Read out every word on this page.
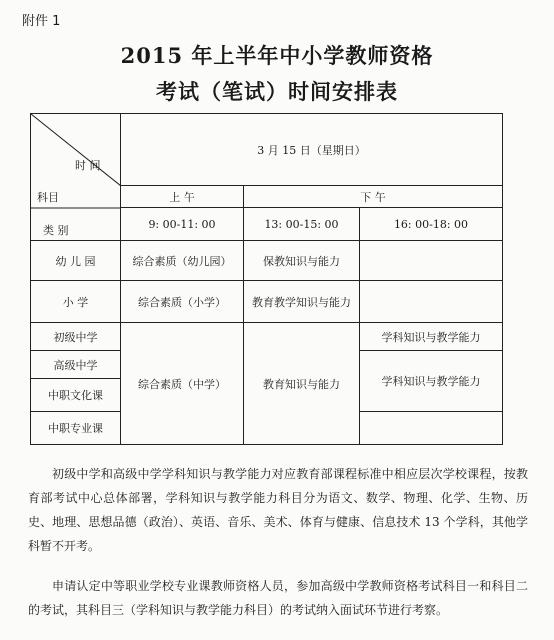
附件 1
2015 年上半年中小学教师资格
考试（笔试）时间安排表
时 间
科目
类 别	3 月 15 日（星期日）		
	上 午	下 午	
	9: 00-11: 00	13: 00-15: 00	16: 00-18: 00
幼 儿 园	综合素质（幼儿园）	保教知识与能力	
小 学	综合素质（小学）	教育教学知识与能力	
初级中学	综合素质（中学）	教育知识与能力	学科知识与教学能力
高级中学			学科知识与教学能力
中职文化课			
中职专业课			
初级中学和高级中学学科知识与教学能力对应教育部课程标准中相应层次学校课程，按教育部考试中心总体部署，学科知识与教学能力科目分为语文、数学、物理、化学、生物、历史、地理、思想品德（政治）、英语、音乐、美术、体育与健康、信息技术 13 个学科，其他学科暂不开考。
申请认定中等职业学校专业课教师资格人员，参加高级中学教师资格考试科目一和科目二的考试，其科目三（学科知识与教学能力科目）的考试纳入面试环节进行考察。
